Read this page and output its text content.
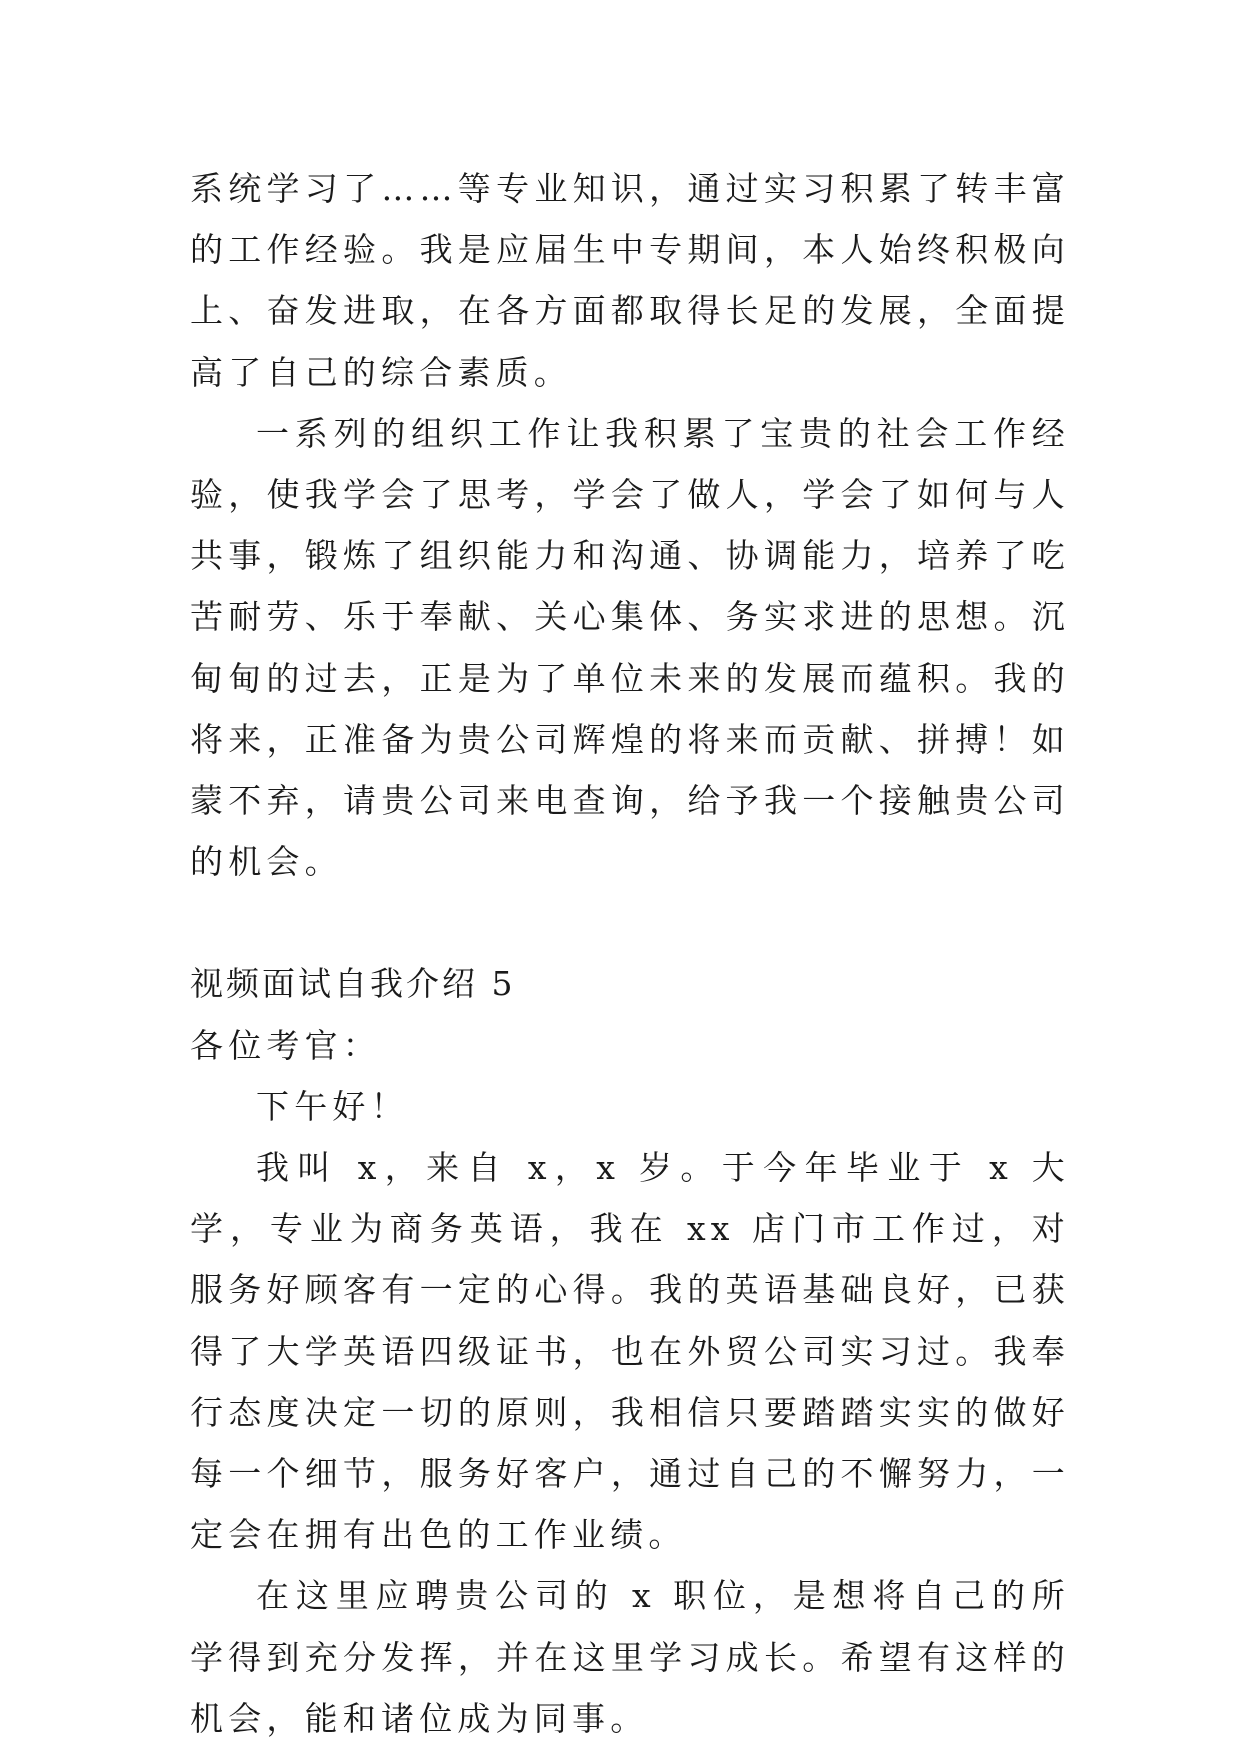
系统学习了……等专业知识，通过实习积累了转丰富的工作经验。我是应届生中专期间，本人始终积极向上、奋发进取，在各方面都取得长足的发展，全面提高了自己的综合素质。

一系列的组织工作让我积累了宝贵的社会工作经验，使我学会了思考，学会了做人，学会了如何与人共事，锻炼了组织能力和沟通、协调能力，培养了吃苦耐劳、乐于奉献、关心集体、务实求进的思想。沉甸甸的过去，正是为了单位未来的发展而蕴积。我的将来，正准备为贵公司辉煌的将来而贡献、拼搏！如蒙不弃，请贵公司来电查询，给予我一个接触贵公司的机会。

视频面试自我介绍 5

各位考官：

下午好！

我叫 x，来自 x，x 岁。于今年毕业于 x 大学，专业为商务英语，我在 xx 店门市工作过，对服务好顾客有一定的心得。我的英语基础良好，已获得了大学英语四级证书，也在外贸公司实习过。我奉行态度决定一切的原则，我相信只要踏踏实实的做好每一个细节，服务好客户，通过自己的不懈努力，一定会在拥有出色的工作业绩。

在这里应聘贵公司的 x 职位，是想将自己的所学得到充分发挥，并在这里学习成长。希望有这样的机会，能和诸位成为同事。
